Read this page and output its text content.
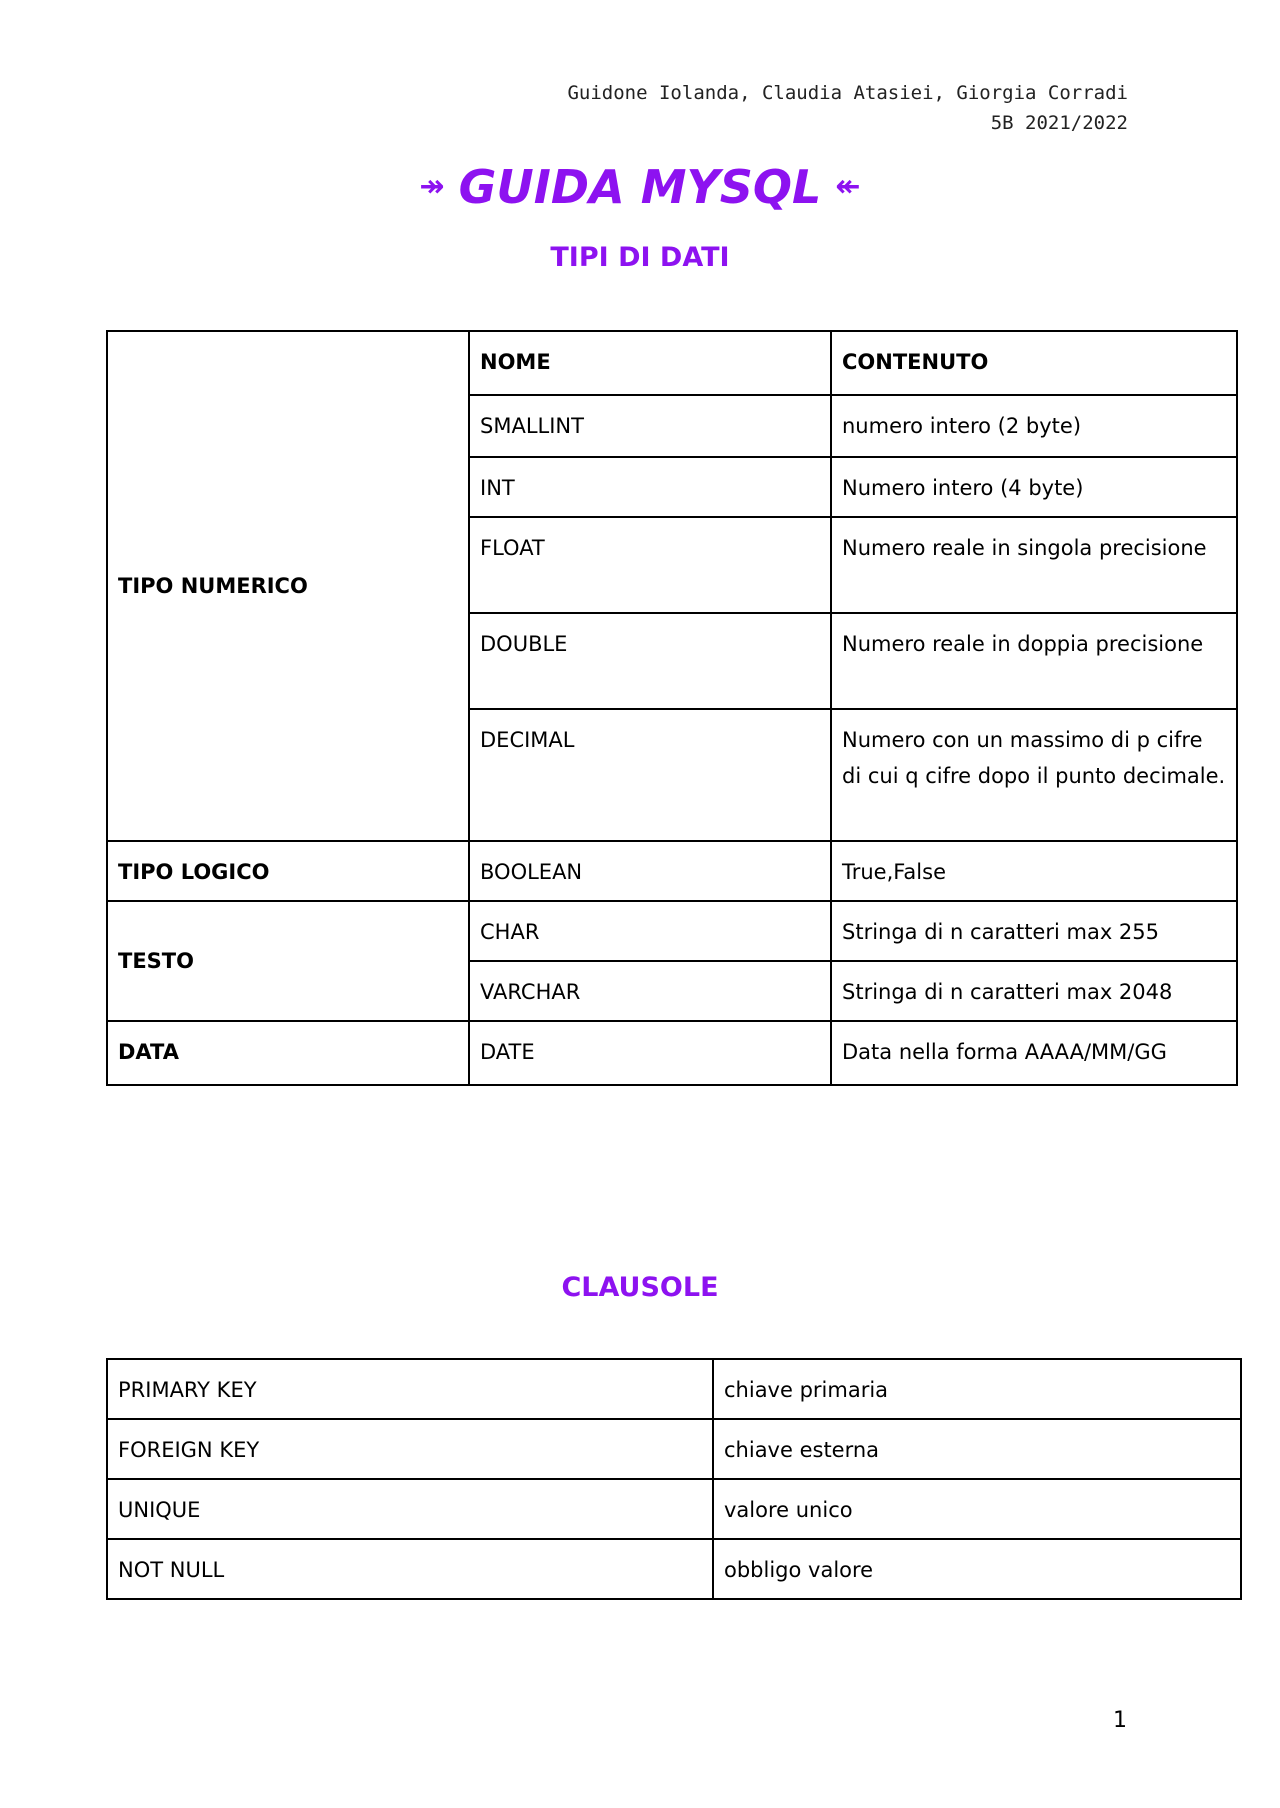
Guidone Iolanda, Claudia Atasiei, Giorgia Corradi
5B 2021/2022
↠ GUIDA MYSQL ↞
TIPI DI DATI
TIPO NUMERICO	NOME	CONTENUTO
	SMALLINT	numero intero (2 byte)
	INT	Numero intero (4 byte)
	FLOAT	Numero reale in singola precisione
	DOUBLE	Numero reale in doppia precisione
	DECIMAL	Numero con un massimo di p cifre di cui q cifre dopo il punto decimale.
TIPO LOGICO	BOOLEAN	True,False
TESTO	CHAR	Stringa di n caratteri max 255
	VARCHAR	Stringa di n caratteri max 2048
DATA	DATE	Data nella forma AAAA/MM/GG
CLAUSOLE
PRIMARY KEY	chiave primaria
FOREIGN KEY	chiave esterna
UNIQUE	valore unico
NOT NULL	obbligo valore
1
